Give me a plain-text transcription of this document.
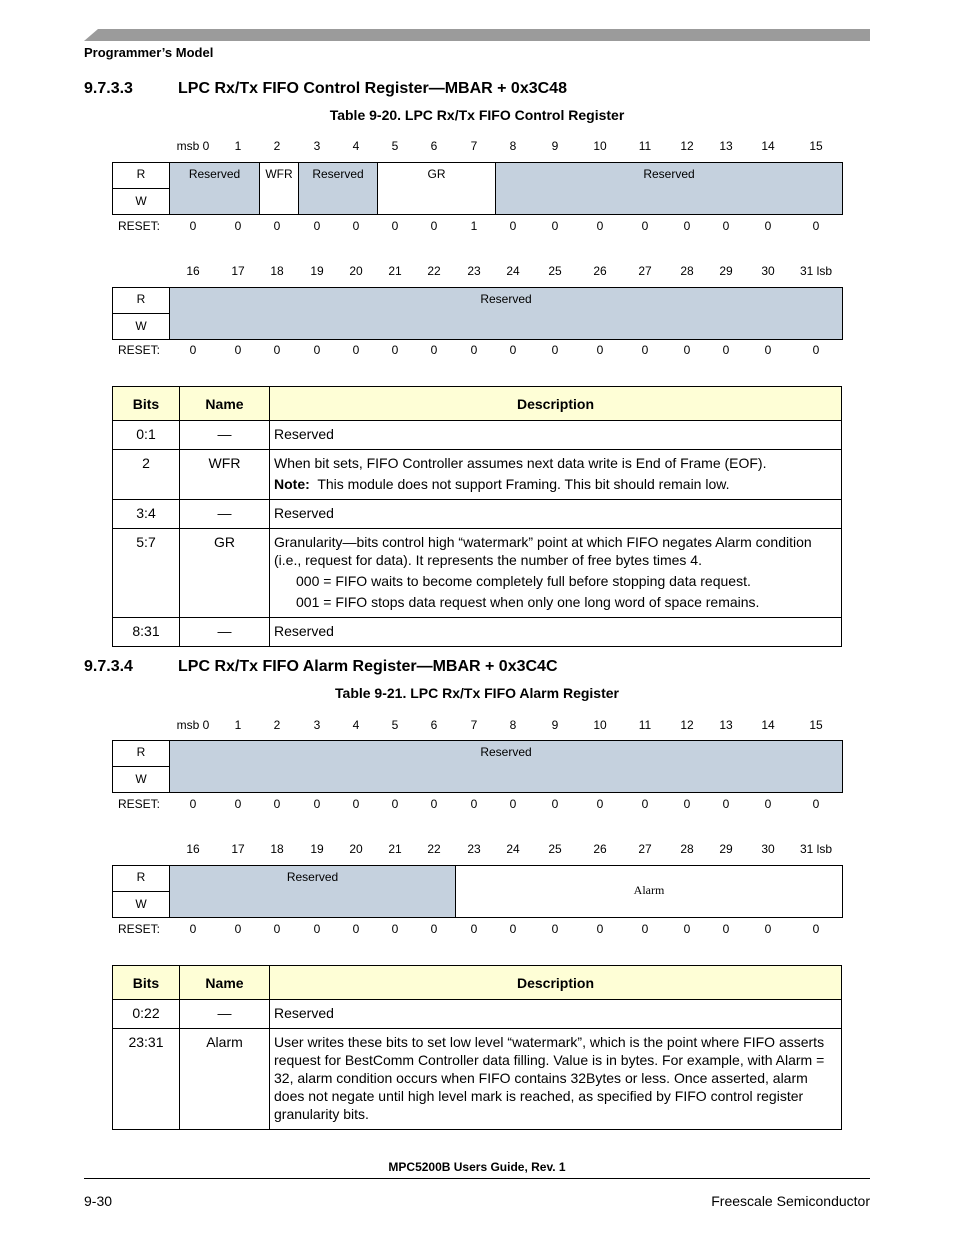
Programmer’s Model
9.7.3.3	LPC Rx/Tx FIFO Control Register—MBAR + 0x3C48
Table 9-20. LPC Rx/Tx FIFO Control Register
msb 0	1	2	3	4	5	6	7	8	9	10	11	12	13	14	15
R
W
Reserved	WFR	Reserved	GR	Reserved
RESET:	0	0	0	0	0	0	0	1	0	0	0	0	0	0	0	0
16	17	18	19	20	21	22	23	24	25	26	27	28	29	30	31 lsb
R
W
Reserved
RESET:	0	0	0	0	0	0	0	0	0	0	0	0	0	0	0	0
Bits	Name	Description
0:1	—	Reserved
2	WFR	When bit sets, FIFO Controller assumes next data write is End of Frame (EOF).
Note: This module does not support Framing. This bit should remain low.

3:4	—	Reserved
5:7	GR	Granularity—bits control high “watermark” point at which FIFO negates Alarm condition (i.e., request for data). It represents the number of free bytes times 4.
000 = FIFO waits to become completely full before stopping data request.
001 = FIFO stops data request when only one long word of space remains.

8:31	—	Reserved
9.7.3.4	LPC Rx/Tx FIFO Alarm Register—MBAR + 0x3C4C
Table 9-21. LPC Rx/Tx FIFO Alarm Register
msb 0	1	2	3	4	5	6	7	8	9	10	11	12	13	14	15
R
W
Reserved
RESET:	0	0	0	0	0	0	0	0	0	0	0	0	0	0	0	0
16	17	18	19	20	21	22	23	24	25	26	27	28	29	30	31 lsb
R
W
Reserved
Alarm
RESET:	0	0	0	0	0	0	0	0	0	0	0	0	0	0	0	0
Bits	Name	Description
0:22	—	Reserved
23:31	Alarm	User writes these bits to set low level “watermark”, which is the point where FIFO asserts request for BestComm Controller data filling. Value is in bytes. For example, with Alarm = 32, alarm condition occurs when FIFO contains 32Bytes or less. Once asserted, alarm does not negate until high level mark is reached, as specified by FIFO control register granularity bits.
MPC5200B Users Guide, Rev. 1
9-30	Freescale Semiconductor
